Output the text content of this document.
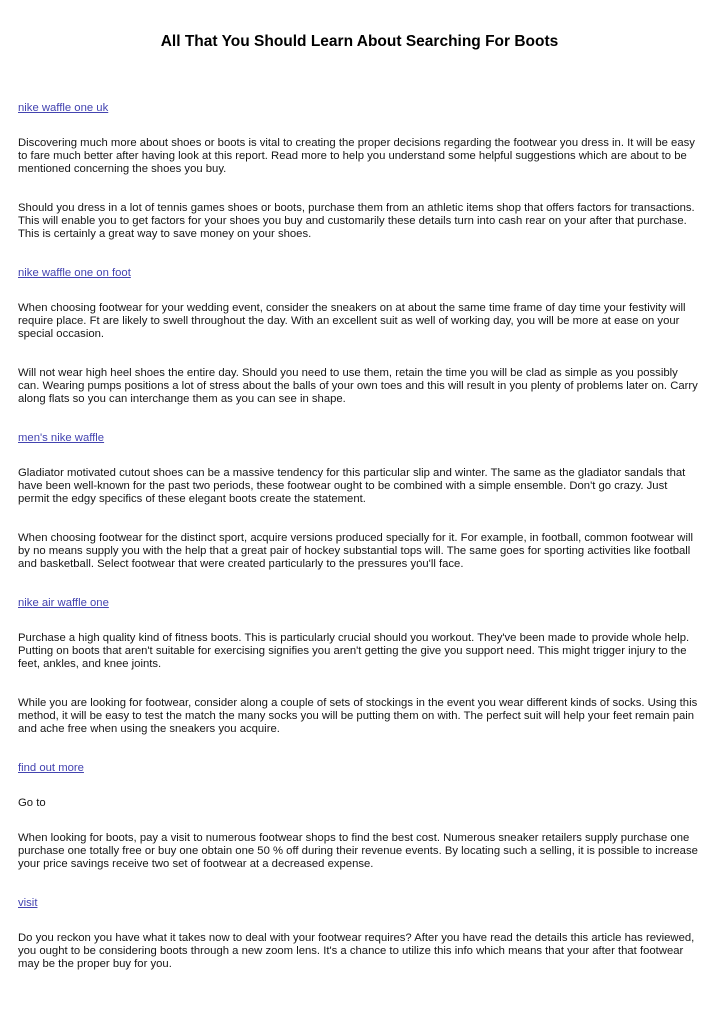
All That You Should Learn About Searching For Boots

nike waffle one uk

Discovering much more about shoes or boots is vital to creating the proper decisions regarding the footwear you dress in. It will be easy to fare much better after having look at this report. Read more to help you understand some helpful suggestions which are about to be mentioned concerning the shoes you buy.

Should you dress in a lot of tennis games shoes or boots, purchase them from an athletic items shop that offers factors for transactions. This will enable you to get factors for your shoes you buy and customarily these details turn into cash rear on your after that purchase. This is certainly a great way to save money on your shoes.

nike waffle one on foot

When choosing footwear for your wedding event, consider the sneakers on at about the same time frame of day time your festivity will require place. Ft are likely to swell throughout the day. With an excellent suit as well of working day, you will be more at ease on your special occasion.

Will not wear high heel shoes the entire day. Should you need to use them, retain the time you will be clad as simple as you possibly can. Wearing pumps positions a lot of stress about the balls of your own toes and this will result in you plenty of problems later on. Carry along flats so you can interchange them as you can see in shape.

men's nike waffle

Gladiator motivated cutout shoes can be a massive tendency for this particular slip and winter. The same as the gladiator sandals that have been well-known for the past two periods, these footwear ought to be combined with a simple ensemble. Don't go crazy. Just permit the edgy specifics of these elegant boots create the statement.

When choosing footwear for the distinct sport, acquire versions produced specially for it. For example, in football, common footwear will by no means supply you with the help that a great pair of hockey substantial tops will. The same goes for sporting activities like football and basketball. Select footwear that were created particularly to the pressures you'll face.

nike air waffle one

Purchase a high quality kind of fitness boots. This is particularly crucial should you workout. They've been made to provide whole help. Putting on boots that aren't suitable for exercising signifies you aren't getting the give you support need. This might trigger injury to the feet, ankles, and knee joints.

While you are looking for footwear, consider along a couple of sets of stockings in the event you wear different kinds of socks. Using this method, it will be easy to test the match the many socks you will be putting them on with. The perfect suit will help your feet remain pain and ache free when using the sneakers you acquire.

find out more

Go to

When looking for boots, pay a visit to numerous footwear shops to find the best cost. Numerous sneaker retailers supply purchase one purchase one totally free or buy one obtain one 50 % off during their revenue events. By locating such a selling, it is possible to increase your price savings receive two set of footwear at a decreased expense.

visit

Do you reckon you have what it takes now to deal with your footwear requires? After you have read the details this article has reviewed, you ought to be considering boots through a new zoom lens. It's a chance to utilize this info which means that your after that footwear may be the proper buy for you.
